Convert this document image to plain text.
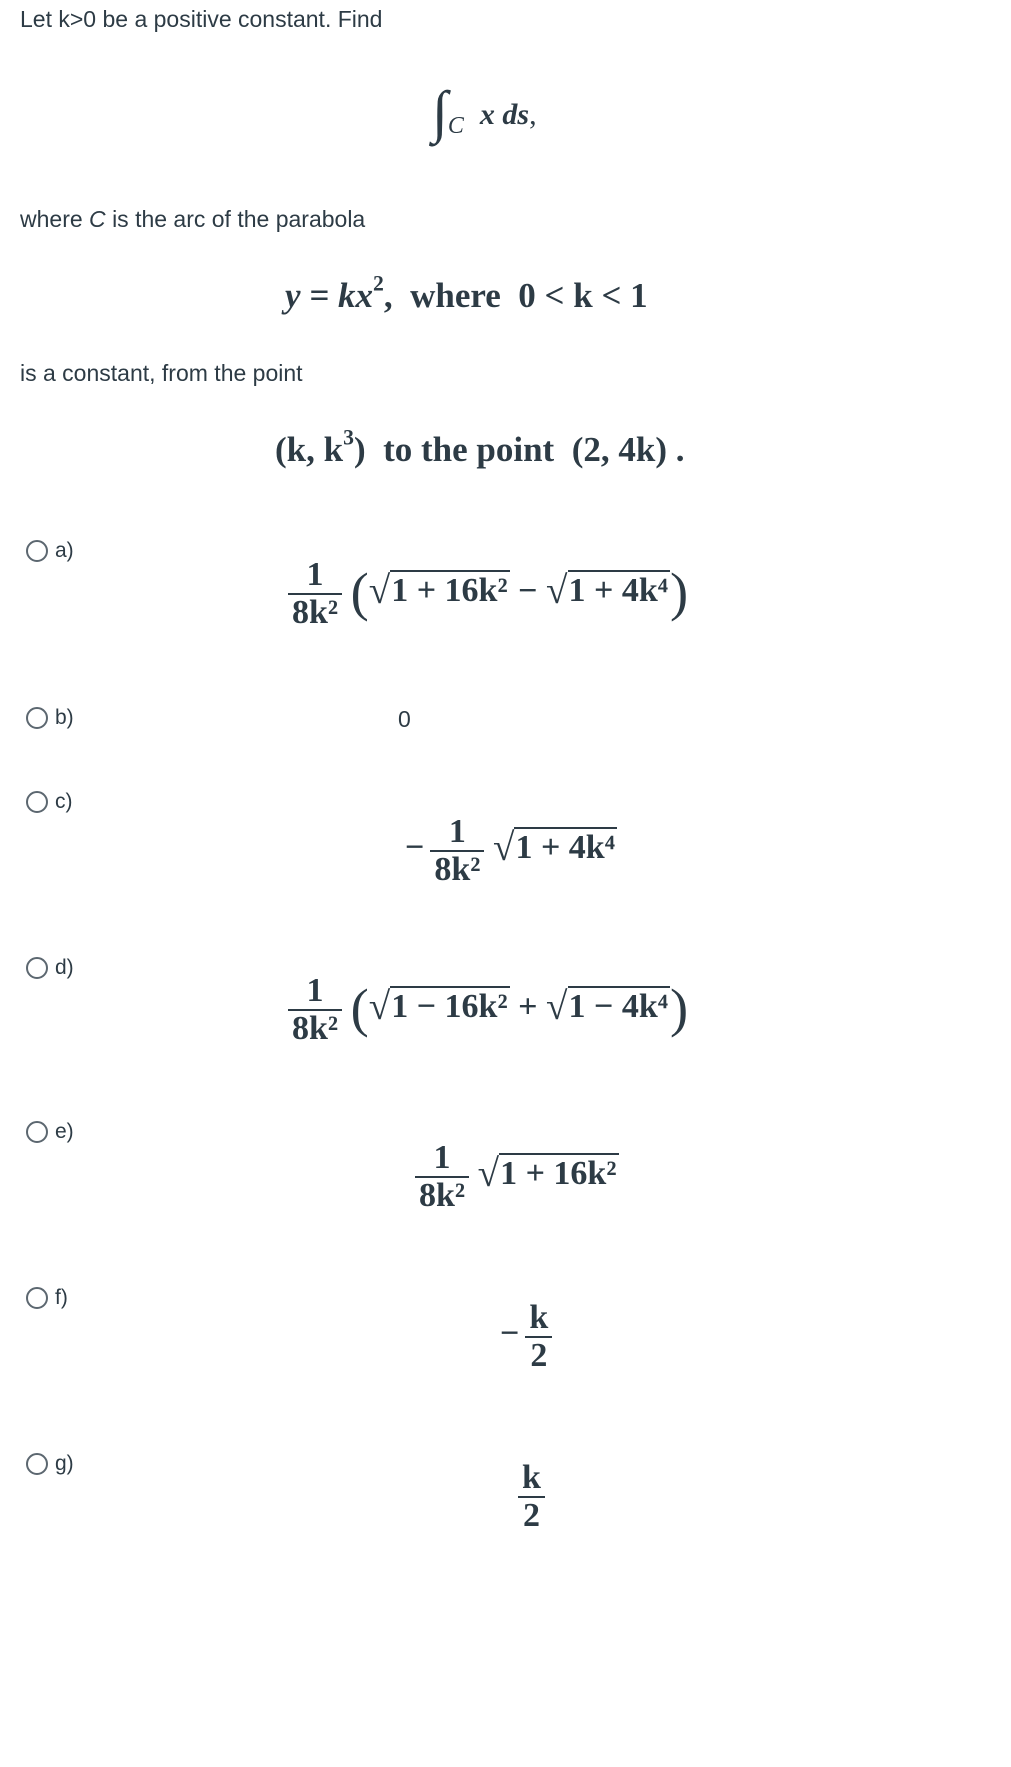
Let k>0 be a positive constant. Find
$\int_C$ x ds,
where C is the arc of the parabola
$y = kx^2$,  where 0 < k < 1
is a constant, from the point
(k, $k^3$) to the point (2, 4k) .
a)
$\frac{1}{\text{8k²}} (√1 + 16k^2 - √1 + 4k^4)$
b)	0
c)
− $\frac{1}{\text{8k²}} √1 + 4k^4$
d)
$\frac{1}{\text{8k²}} (√1 - 16k^2 + √1 - 4k^4)$
e)
$\frac{1}{\text{8k²}} √1 + 16k^2$
f)
− $\frac{k}{2}$
g)	$\frac{k}{2}$
